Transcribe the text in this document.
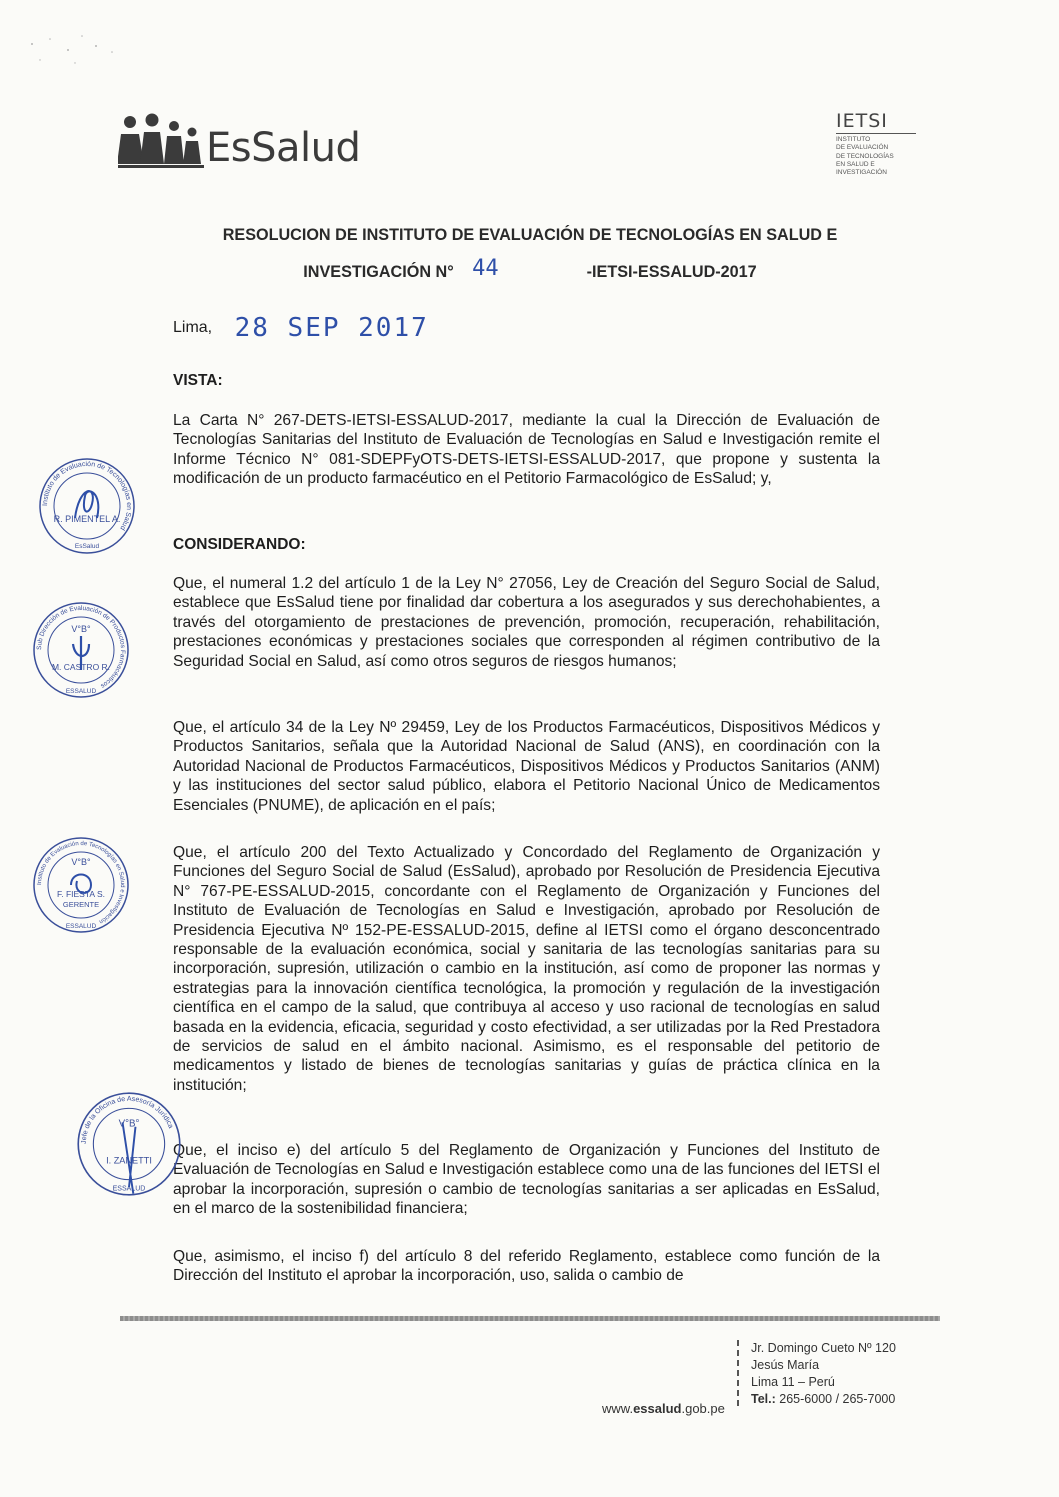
EsSalud
IETSI
INSTITUTO
DE EVALUACIÓN
DE TECNOLOGÍAS
EN SALUD E
INVESTIGACIÓN
RESOLUCION DE INSTITUTO DE EVALUACIÓN DE TECNOLOGÍAS EN SALUD E
INVESTIGACIÓN N° 44	-IETSI-ESSALUD-2017
Lima, 28 SEP 2017
VISTA:
La Carta N° 267-DETS-IETSI-ESSALUD-2017, mediante la cual la Dirección de Evaluación de Tecnologías Sanitarias del Instituto de Evaluación de Tecnologías en Salud e Investigación remite el Informe Técnico N° 081-SDEPFyOTS-DETS-IETSI-ESSALUD-2017, que propone y sustenta la modificación de un producto farmacéutico en el Petitorio Farmacológico de EsSalud; y,
CONSIDERANDO:
Que, el numeral 1.2 del artículo 1 de la Ley N° 27056, Ley de Creación del Seguro Social de Salud, establece que EsSalud tiene por finalidad dar cobertura a los asegurados y sus derechohabientes, a través del otorgamiento de prestaciones de prevención, promoción, recuperación, rehabilitación, prestaciones económicas y prestaciones sociales que corresponden al régimen contributivo de la Seguridad Social en Salud, así como otros seguros de riesgos humanos;
Que, el artículo 34 de la Ley Nº 29459, Ley de los Productos Farmacéuticos, Dispositivos Médicos y Productos Sanitarios, señala que la Autoridad Nacional de Salud (ANS), en coordinación con la Autoridad Nacional de Productos Farmacéuticos, Dispositivos Médicos y Productos Sanitarios (ANM) y las instituciones del sector salud público, elabora el Petitorio Nacional Único de Medicamentos Esenciales (PNUME), de aplicación en el país;
Que, el artículo 200 del Texto Actualizado y Concordado del Reglamento de Organización y Funciones del Seguro Social de Salud (EsSalud), aprobado por Resolución de Presidencia Ejecutiva N° 767-PE-ESSALUD-2015, concordante con el Reglamento de Organización y Funciones del Instituto de Evaluación de Tecnologías en Salud e Investigación, aprobado por Resolución de Presidencia Ejecutiva Nº 152-PE-ESSALUD-2015, define al IETSI como el órgano desconcentrado responsable de la evaluación económica, social y sanitaria de las tecnologías sanitarias para su incorporación, supresión, utilización o cambio en la institución, así como de proponer las normas y estrategias para la innovación científica tecnológica, la promoción y regulación de la investigación científica en el campo de la salud, que contribuya al acceso y uso racional de tecnologías en salud basada en la evidencia, eficacia, seguridad y costo efectividad, a ser utilizadas por la Red Prestadora de servicios de salud en el ámbito nacional. Asimismo, es el responsable del petitorio de medicamentos y listado de bienes de tecnologías sanitarias y guías de práctica clínica en la institución;
Que, el inciso e) del artículo 5 del Reglamento de Organización y Funciones del Instituto de Evaluación de Tecnologías en Salud e Investigación establece como una de las funciones del IETSI el aprobar la incorporación, supresión o cambio de tecnologías sanitarias a ser aplicadas en EsSalud, en el marco de la sostenibilidad financiera;
Que, asimismo, el inciso f) del artículo 8 del referido Reglamento, establece como función de la Dirección del Instituto el aprobar la incorporación, uso, salida o cambio de
Instituto de Evaluación de Tecnologías en Salud
R. PIMENTEL A.
EsSalud
Sub Dirección de Evaluación de Productos Farmacéuticos
V°B°
M. CASTRO R.
ESSALUD
Instituto de Evaluación de Tecnologías en Salud e Investigación
V°B°
F. FIESTA S.
GERENTE
ESSALUD
Jefe de la Oficina de Asesoría Jurídica
V°B°
I. ZANETTI
ESSALUD
www.essalud.gob.pe
Jr. Domingo Cueto Nº 120
Jesús María
Lima 11 – Perú
Tel.: 265-6000 / 265-7000
